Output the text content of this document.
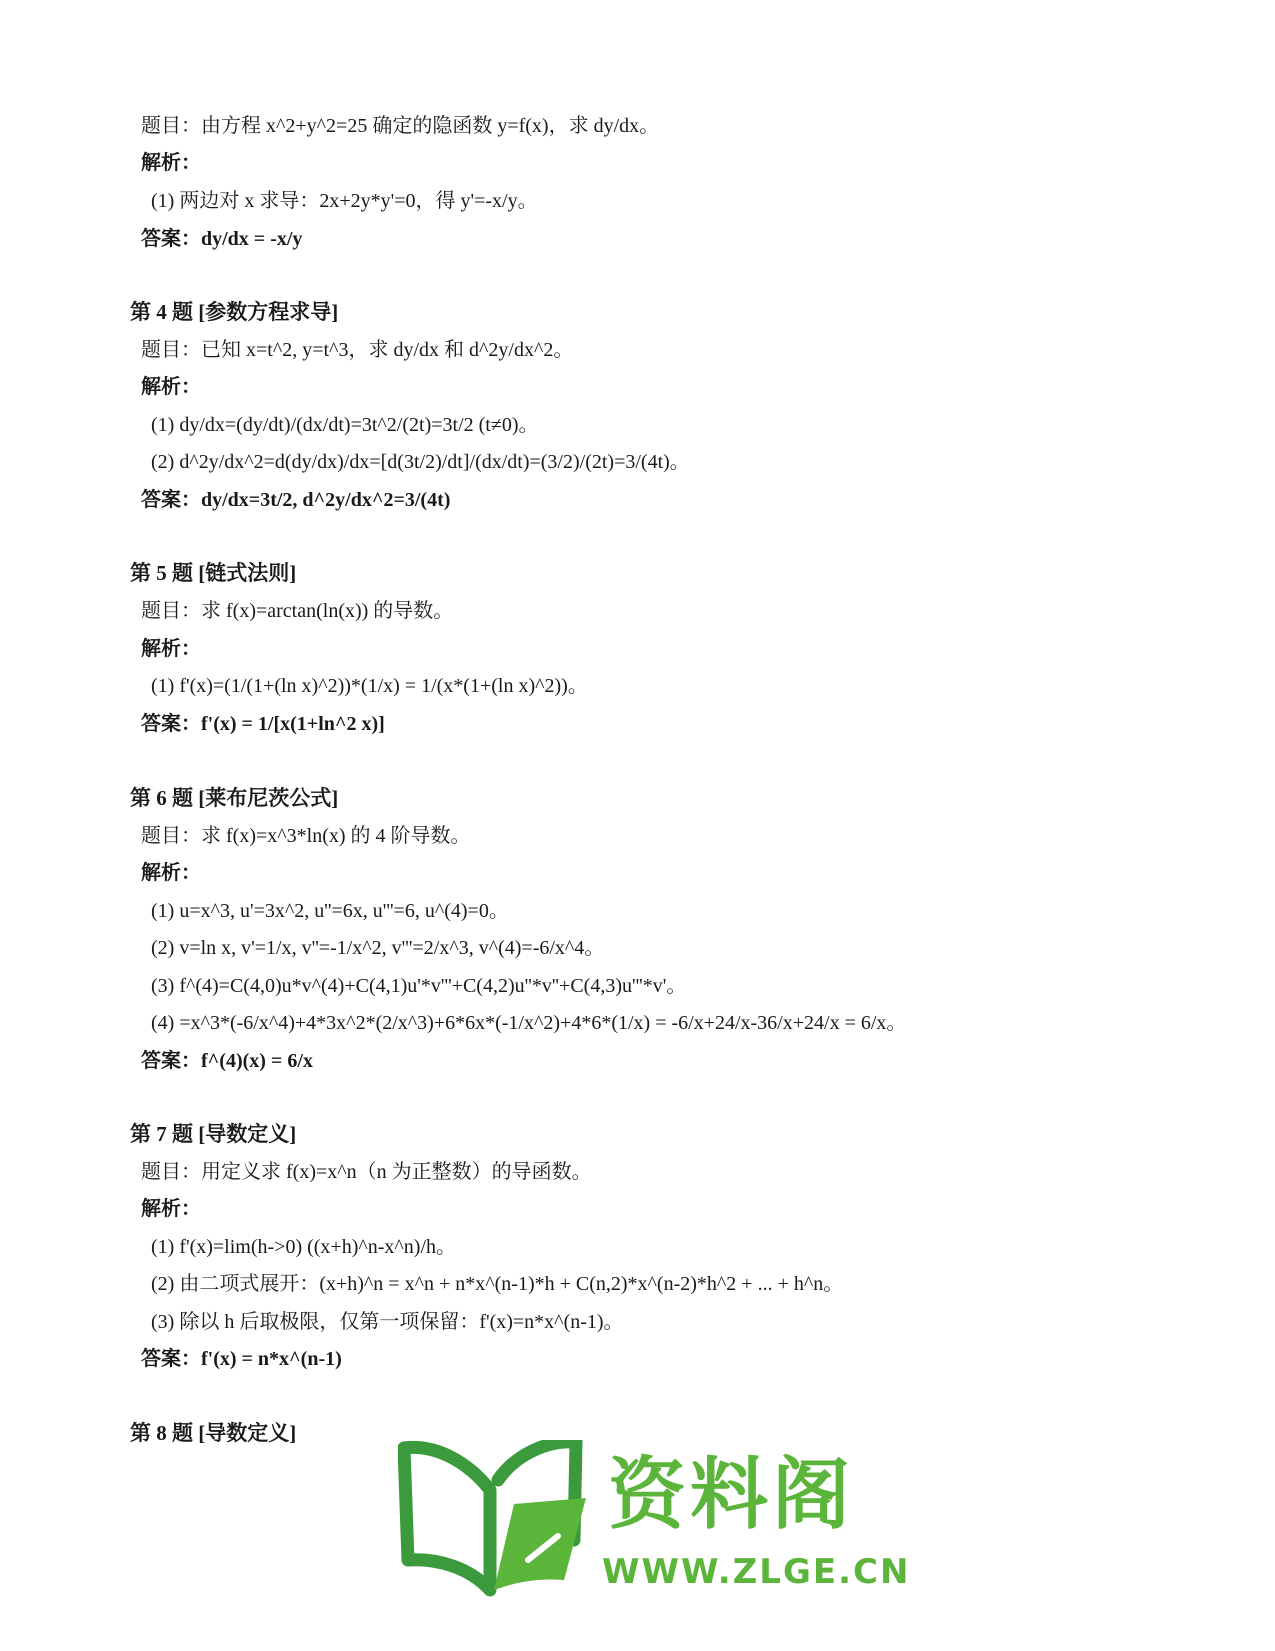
题目：由方程 x^2+y^2=25 确定的隐函数 y=f(x)，求 dy/dx。
解析：
(1) 两边对 x 求导：2x+2y*y'=0，得 y'=-x/y。
答案：dy/dx = -x/y
第 4 题 [参数方程求导]
题目：已知 x=t^2, y=t^3，求 dy/dx 和 d^2y/dx^2。
解析：
(1) dy/dx=(dy/dt)/(dx/dt)=3t^2/(2t)=3t/2 (t≠0)。
(2) d^2y/dx^2=d(dy/dx)/dx=[d(3t/2)/dt]/(dx/dt)=(3/2)/(2t)=3/(4t)。
答案：dy/dx=3t/2, d^2y/dx^2=3/(4t)
第 5 题 [链式法则]
题目：求 f(x)=arctan(ln(x)) 的导数。
解析：
(1) f'(x)=(1/(1+(ln x)^2))*(1/x) = 1/(x*(1+(ln x)^2))。
答案：f'(x) = 1/[x(1+ln^2 x)]
第 6 题 [莱布尼茨公式]
题目：求 f(x)=x^3*ln(x) 的 4 阶导数。
解析：
(1) u=x^3, u'=3x^2, u''=6x, u'''=6, u^(4)=0。
(2) v=ln x, v'=1/x, v''=-1/x^2, v'''=2/x^3, v^(4)=-6/x^4。
(3) f^(4)=C(4,0)u*v^(4)+C(4,1)u'*v'''+C(4,2)u''*v''+C(4,3)u'''*v'。
(4) =x^3*(-6/x^4)+4*3x^2*(2/x^3)+6*6x*(-1/x^2)+4*6*(1/x) = -6/x+24/x-36/x+24/x = 6/x。
答案：f^(4)(x) = 6/x
第 7 题 [导数定义]
题目：用定义求 f(x)=x^n（n 为正整数）的导函数。
解析：
(1) f'(x)=lim(h->0) ((x+h)^n-x^n)/h。
(2) 由二项式展开：(x+h)^n = x^n + n*x^(n-1)*h + C(n,2)*x^(n-2)*h^2 + ... + h^n。
(3) 除以 h 后取极限，仅第一项保留：f'(x)=n*x^(n-1)。
答案：f'(x) = n*x^(n-1)
第 8 题 [导数定义]
资料阁
WWW.ZLGE.CN
